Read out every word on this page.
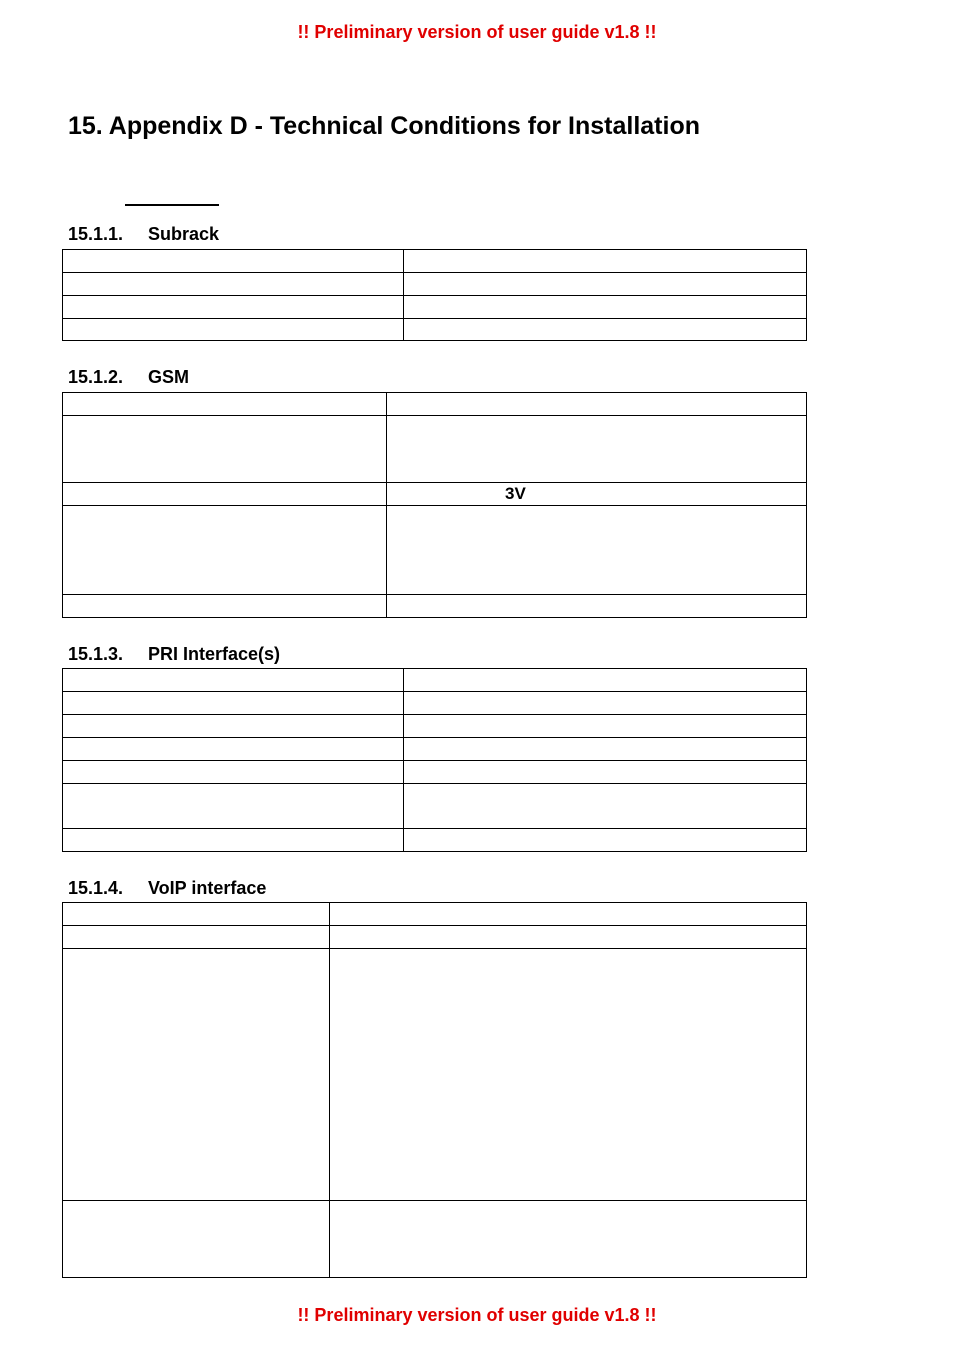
!! Preliminary version of user guide v1.8 !!
15. Appendix D - Technical Conditions for Installation
15.1.1. Subrack

15.1.2. GSM

	3V

15.1.3. PRI Interface(s)

15.1.4. VoIP interface

!! Preliminary version of user guide v1.8 !!
